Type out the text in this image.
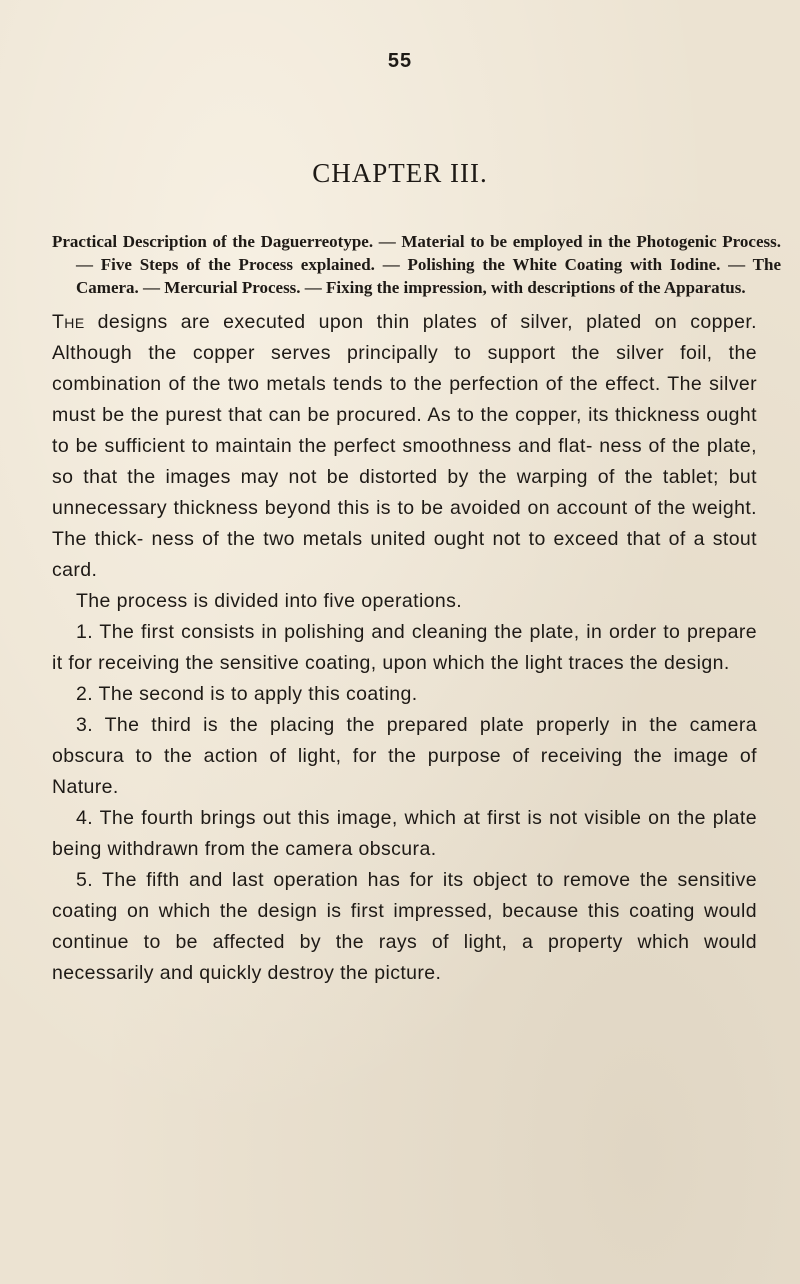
55
CHAPTER III.
Practical Description of the Daguerreotype. — Material to be employed in the Photogenic Process. — Five Steps of the Process explained. — Polishing the White Coating with Iodine. — The Camera. — Mercurial Process. — Fixing the impression, with descriptions of the Apparatus.

The designs are executed upon thin plates of silver, plated on copper. Although the copper serves principally to support the silver foil, the combination of the two metals tends to the perfection of the effect. The silver must be the purest that can be procured. As to the copper, its thickness ought to be sufficient to maintain the perfect smoothness and flat- ness of the plate, so that the images may not be distorted by the warping of the tablet; but unnecessary thickness beyond this is to be avoided on account of the weight. The thick- ness of the two metals united ought not to exceed that of a stout card.

The process is divided into five operations.

1. The first consists in polishing and cleaning the plate, in order to prepare it for receiving the sensitive coating, upon which the light traces the design.

2. The second is to apply this coating.

3. The third is the placing the prepared plate properly in the camera obscura to the action of light, for the purpose of receiving the image of Nature.

4. The fourth brings out this image, which at first is not visible on the plate being withdrawn from the camera obscura.

5. The fifth and last operation has for its object to remove the sensitive coating on which the design is first impressed, because this coating would continue to be affected by the rays of light, a property which would necessarily and quickly destroy the picture.
